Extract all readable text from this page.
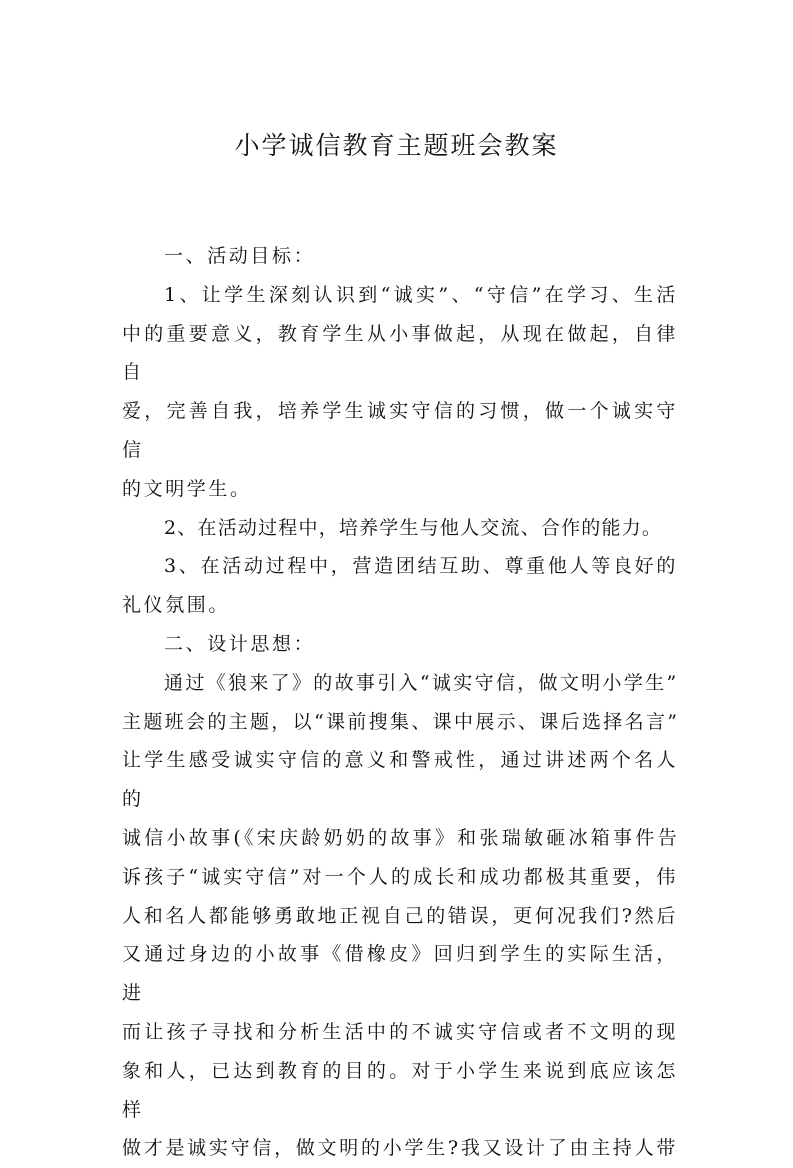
小学诚信教育主题班会教案

一、活动目标：

1、让学生深刻认识到“诚实”、“守信”在学习、生活
中的重要意义，教育学生从小事做起，从现在做起，自律自
爱，完善自我，培养学生诚实守信的习惯，做一个诚实守信
的文明学生。

2、在活动过程中，培养学生与他人交流、合作的能力。

3、在活动过程中，营造团结互助、尊重他人等良好的
礼仪氛围。

二、设计思想：

通过《狼来了》的故事引入“诚实守信，做文明小学生”
主题班会的主题，以“课前搜集、课中展示、课后选择名言”
让学生感受诚实守信的意义和警戒性，通过讲述两个名人的
诚信小故事(《宋庆龄奶奶的故事》和张瑞敏砸冰箱事件告
诉孩子“诚实守信”对一个人的成长和成功都极其重要，伟
人和名人都能够勇敢地正视自己的错误，更何况我们?然后
又通过身边的小故事《借橡皮》回归到学生的实际生活，进
而让孩子寻找和分析生活中的不诚实守信或者不文明的现
象和人，已达到教育的目的。对于小学生来说到底应该怎样
做才是诚实守信，做文明的小学生?我又设计了由主持人带
